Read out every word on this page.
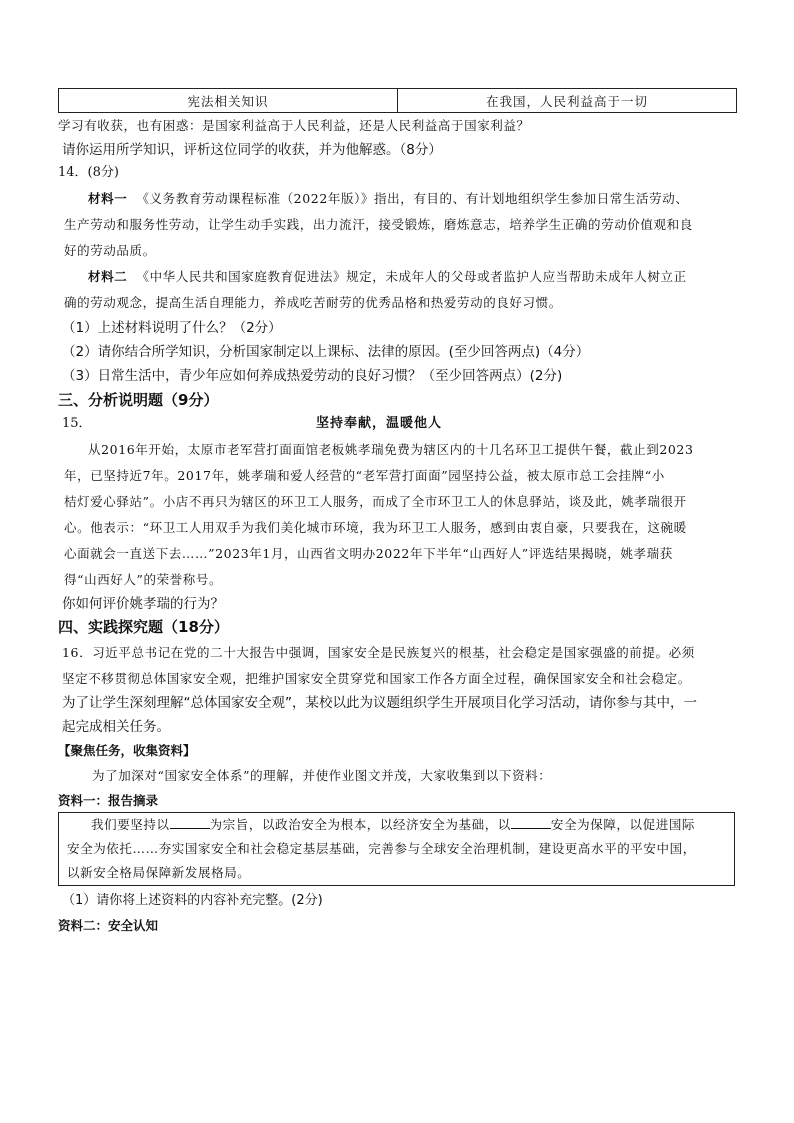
宪法相关知识	在我国，人民利益高于一切
学习有收获，也有困惑：是国家利益高于人民利益，还是人民利益高于国家利益？
请你运用所学知识，评析这位同学的收获，并为他解惑。（8分）
14．(8分)
材料一 《义务教育劳动课程标准（2022年版）》指出，有目的、有计划地组织学生参加日常生活劳动、
生产劳动和服务性劳动，让学生动手实践，出力流汗，接受锻炼，磨炼意志，培养学生正确的劳动价值观和良
好的劳动品质。
材料二 《中华人民共和国家庭教育促进法》规定，未成年人的父母或者监护人应当帮助未成年人树立正
确的劳动观念，提高生活自理能力，养成吃苦耐劳的优秀品格和热爱劳动的良好习惯。
（1）上述材料说明了什么？（2分）
（2）请你结合所学知识，分析国家制定以上课标、法律的原因。(至少回答两点)（4分）
（3）日常生活中，青少年应如何养成热爱劳动的良好习惯？（至少回答两点）(2分)
三、分析说明题（9分）
15．	坚持奉献，温暖他人
从2016年开始，太原市老军营打面面馆老板姚孝瑞免费为辖区内的十几名环卫工提供午餐，截止到2023
年，已坚持近7年。2017年，姚孝瑞和爱人经营的“老军营打面面”园坚持公益，被太原市总工会挂牌“小
桔灯爱心驿站”。小店不再只为辖区的环卫工人服务，而成了全市环卫工人的休息驿站，谈及此，姚孝瑞很开
心。他表示：“环卫工人用双手为我们美化城市环境，我为环卫工人服务，感到由衷自豪，只要我在，这碗暖
心面就会一直送下去……”2023年1月，山西省文明办2022年下半年“山西好人”评选结果揭晓，姚孝瑞获
得“山西好人”的荣誉称号。
你如何评价姚孝瑞的行为？
四、实践探究题（18分）
16．习近平总书记在党的二十大报告中强调，国家安全是民族复兴的根基，社会稳定是国家强盛的前提。必须
坚定不移贯彻总体国家安全观，把维护国家安全贯穿党和国家工作各方面全过程，确保国家安全和社会稳定。
为了让学生深刻理解“总体国家安全观”，某校以此为议题组织学生开展项目化学习活动，请你参与其中，一
起完成相关任务。
【聚焦任务，收集资料】
为了加深对“国家安全体系”的理解，并使作业图文并茂，大家收集到以下资料：
资料一：报告摘录
我们要坚持以	为宗旨，以政治安全为根本，以经济安全为基础，以	安全为保障，以促进国际
安全为依托……夯实国家安全和社会稳定基层基础，完善参与全球安全治理机制，建设更高水平的平安中国，
以新安全格局保障新发展格局。
（1）请你将上述资料的内容补充完整。(2分)
资料二：安全认知
